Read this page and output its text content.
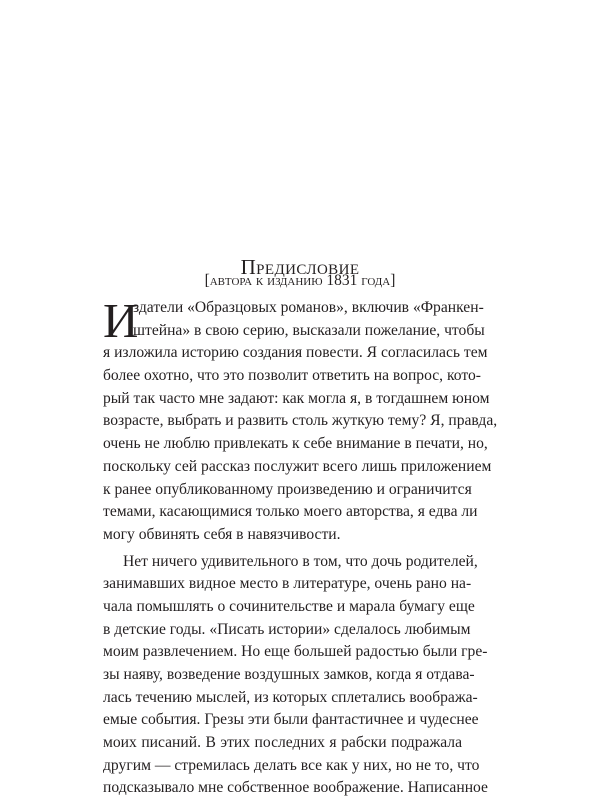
Предисловие
[автора к изданию 1831 года]
И
здатели «Образцовых романов», включив «Франкен-
штейна» в свою серию, высказали пожелание, чтобы
я изложила историю создания повести. Я согласилась тем
более охотно, что это позволит ответить на вопрос, кото-
рый так часто мне задают: как могла я, в тогдашнем юном
возрасте, выбрать и развить столь жуткую тему? Я, правда,
очень не люблю привлекать к себе внимание в печати, но,
поскольку сей рассказ послужит всего лишь приложением
к ранее опубликованному произведению и ограничится
темами, касающимися только моего авторства, я едва ли
могу обвинять себя в навязчивости.
Нет ничего удивительного в том, что дочь родителей,
занимавших видное место в литературе, очень рано на-
чала помышлять о сочинительстве и марала бумагу еще
в детские годы. «Писать истории» сделалось любимым
моим развлечением. Но еще большей радостью были гре-
зы наяву, возведение воздушных замков, когда я отдава-
лась течению мыслей, из которых сплетались вообража-
емые события. Грезы эти были фантастичнее и чудеснее
моих писаний. В этих последних я рабски подражала
другим — стремилась делать все как у них, но не то, что
подсказывало мне собственное воображение. Написанное
